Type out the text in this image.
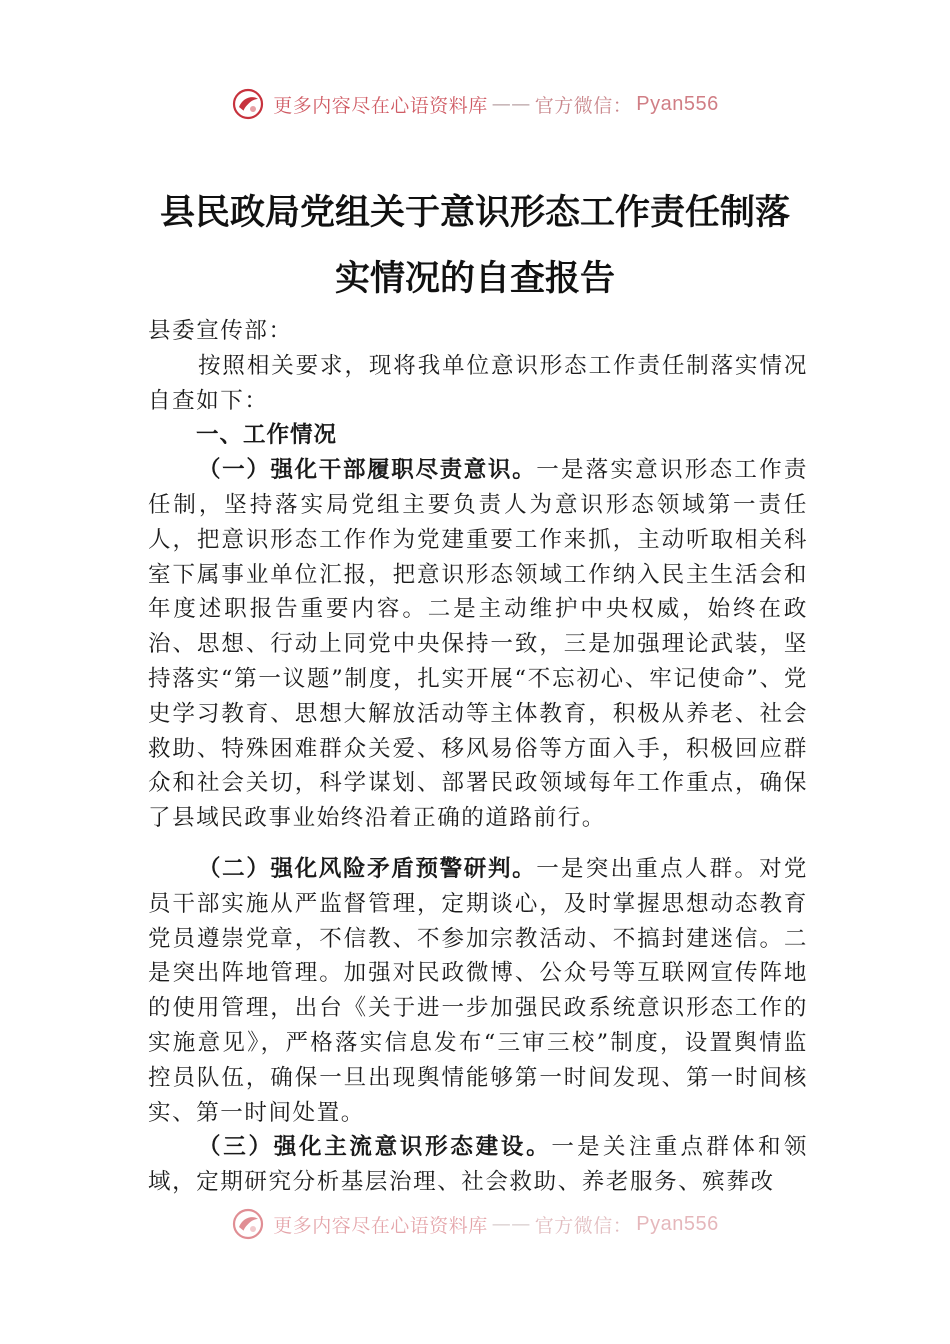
更多内容尽在心语资料库 —— 官方微信： Pyan556
县民政局党组关于意识形态工作责任制落
实情况的自查报告

县委宣传部：

按照相关要求，现将我单位意识形态工作责任制落实情况自查如下：

一、工作情况

（一）强化干部履职尽责意识。一是落实意识形态工作责任制，坚持落实局党组主要负责人为意识形态领域第一责任人，把意识形态工作作为党建重要工作来抓，主动听取相关科室下属事业单位汇报，把意识形态领域工作纳入民主生活会和年度述职报告重要内容。二是主动维护中央权威，始终在政治、思想、行动上同党中央保持一致，三是加强理论武装，坚持落实“第一议题”制度，扎实开展“不忘初心、牢记使命”、党史学习教育、思想大解放活动等主体教育，积极从养老、社会救助、特殊困难群众关爱、移风易俗等方面入手，积极回应群众和社会关切，科学谋划、部署民政领域每年工作重点，确保了县域民政事业始终沿着正确的道路前行。

（二）强化风险矛盾预警研判。一是突出重点人群。对党员干部实施从严监督管理，定期谈心，及时掌握思想动态教育党员遵崇党章，不信教、不参加宗教活动、不搞封建迷信。二是突出阵地管理。加强对民政微博、公众号等互联网宣传阵地的使用管理，出台《关于进一步加强民政系统意识形态工作的实施意见》，严格落实信息发布“三审三校”制度，设置舆情监控员队伍，确保一旦出现舆情能够第一时间发现、第一时间核实、第一时间处置。

（三）强化主流意识形态建设。一是关注重点群体和领域，定期研究分析基层治理、社会救助、养老服务、殡葬改

更多内容尽在心语资料库 —— 官方微信： Pyan556
